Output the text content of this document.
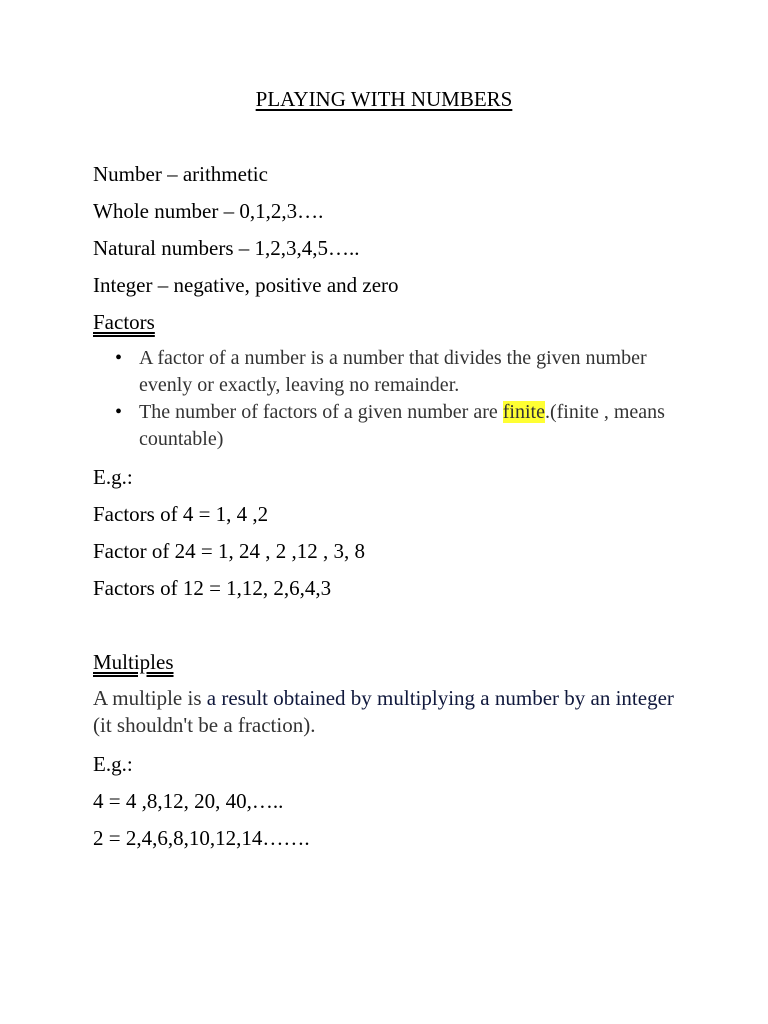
PLAYING WITH NUMBERS
Number – arithmetic
Whole number – 0,1,2,3….
Natural numbers – 1,2,3,4,5…..
Integer – negative, positive and zero
Factors
• A factor of a number is a number that divides the given number evenly or exactly, leaving no remainder.
• The number of factors of a given number are finite.(finite , means countable)
E.g.:
Factors of 4 = 1, 4 ,2
Factor of 24 = 1, 24 , 2 ,12 , 3, 8
Factors of 12 = 1,12, 2,6,4,3
Multiples
A multiple is a result obtained by multiplying a number by an integer (it shouldn't be a fraction).
E.g.:
4 = 4 ,8,12, 20, 40,…..
2 = 2,4,6,8,10,12,14…….
